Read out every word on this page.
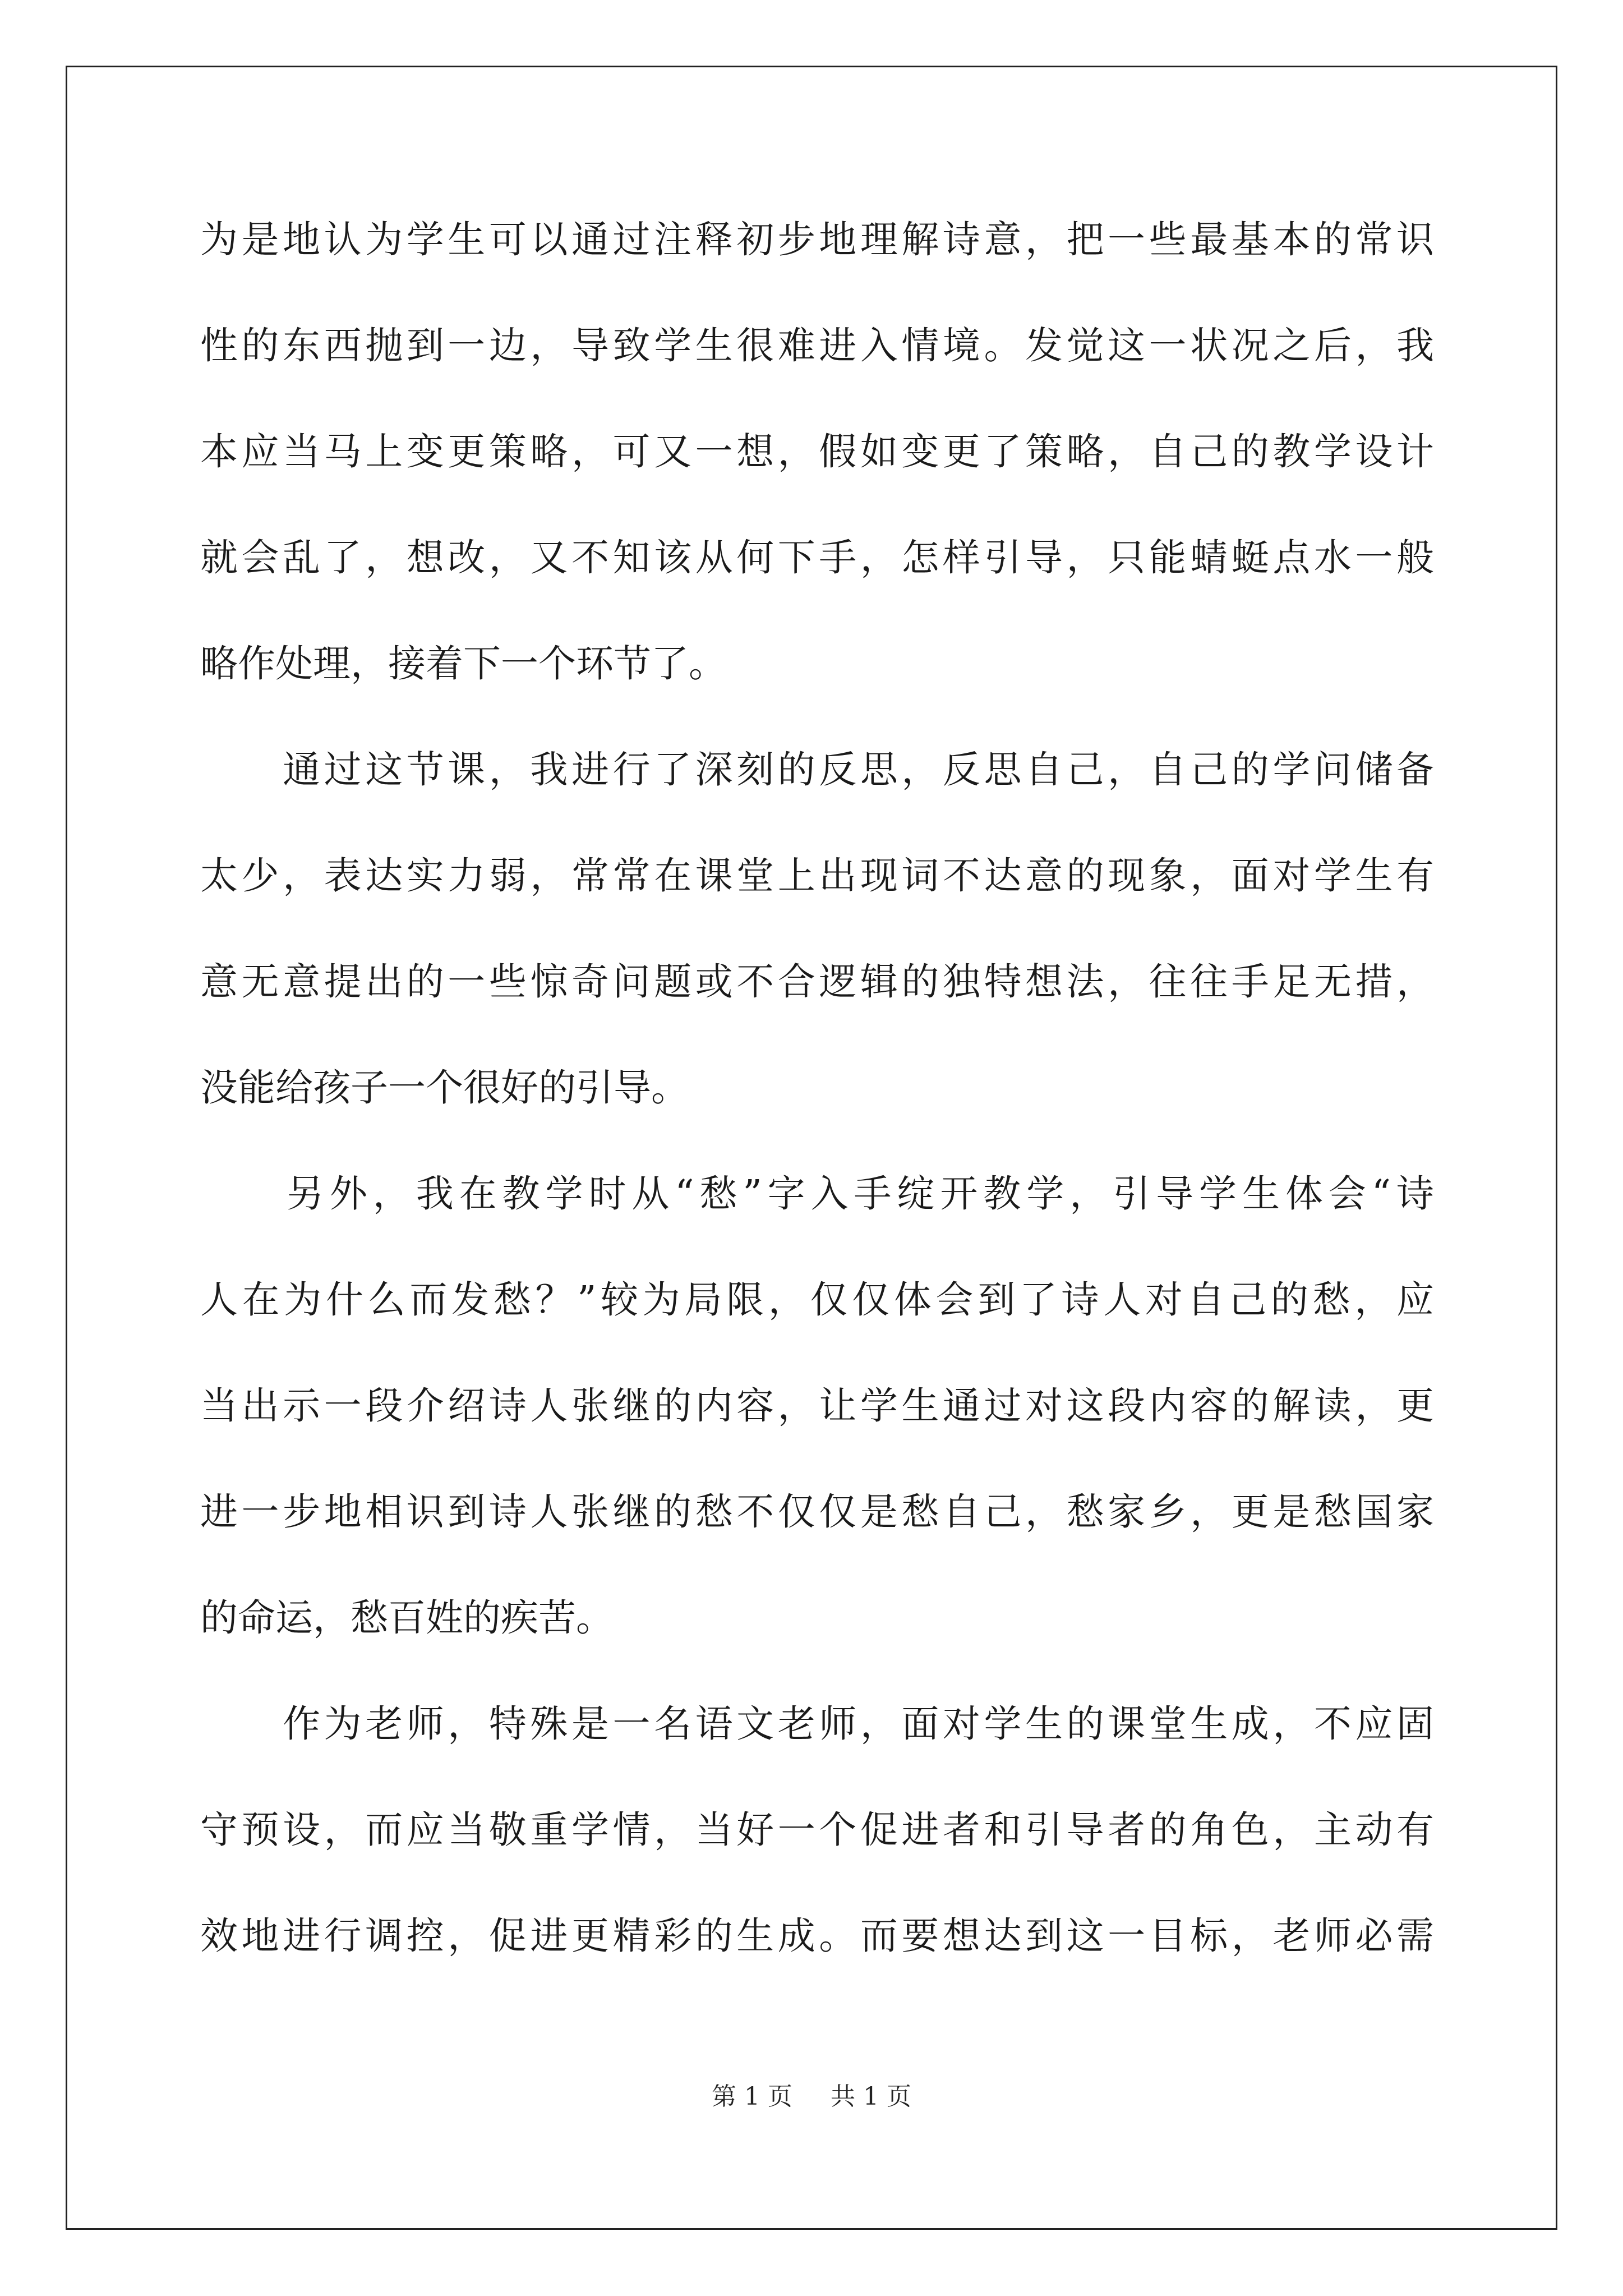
为是地认为学生可以通过注释初步地理解诗意，把一些最基本的常识
性的东西抛到一边，导致学生很难进入情境。发觉这一状况之后，我
本应当马上变更策略，可又一想，假如变更了策略，自己的教学设计
就会乱了，想改，又不知该从何下手，怎样引导，只能蜻蜓点水一般
略作处理，接着下一个环节了。
　　通过这节课，我进行了深刻的反思，反思自己，自己的学问储备
太少，表达实力弱，常常在课堂上出现词不达意的现象，面对学生有
意无意提出的一些惊奇问题或不合逻辑的独特想法，往往手足无措，
没能给孩子一个很好的引导。
　　另外，我在教学时从“愁”字入手绽开教学，引导学生体会“诗
人在为什么而发愁？”较为局限，仅仅体会到了诗人对自己的愁，应
当出示一段介绍诗人张继的内容，让学生通过对这段内容的解读，更
进一步地相识到诗人张继的愁不仅仅是愁自己，愁家乡，更是愁国家
的命运，愁百姓的疾苦。
　　作为老师，特殊是一名语文老师，面对学生的课堂生成，不应固
守预设，而应当敬重学情，当好一个促进者和引导者的角色，主动有
效地进行调控，促进更精彩的生成。而要想达到这一目标，老师必需
第 1 页 共 1 页
